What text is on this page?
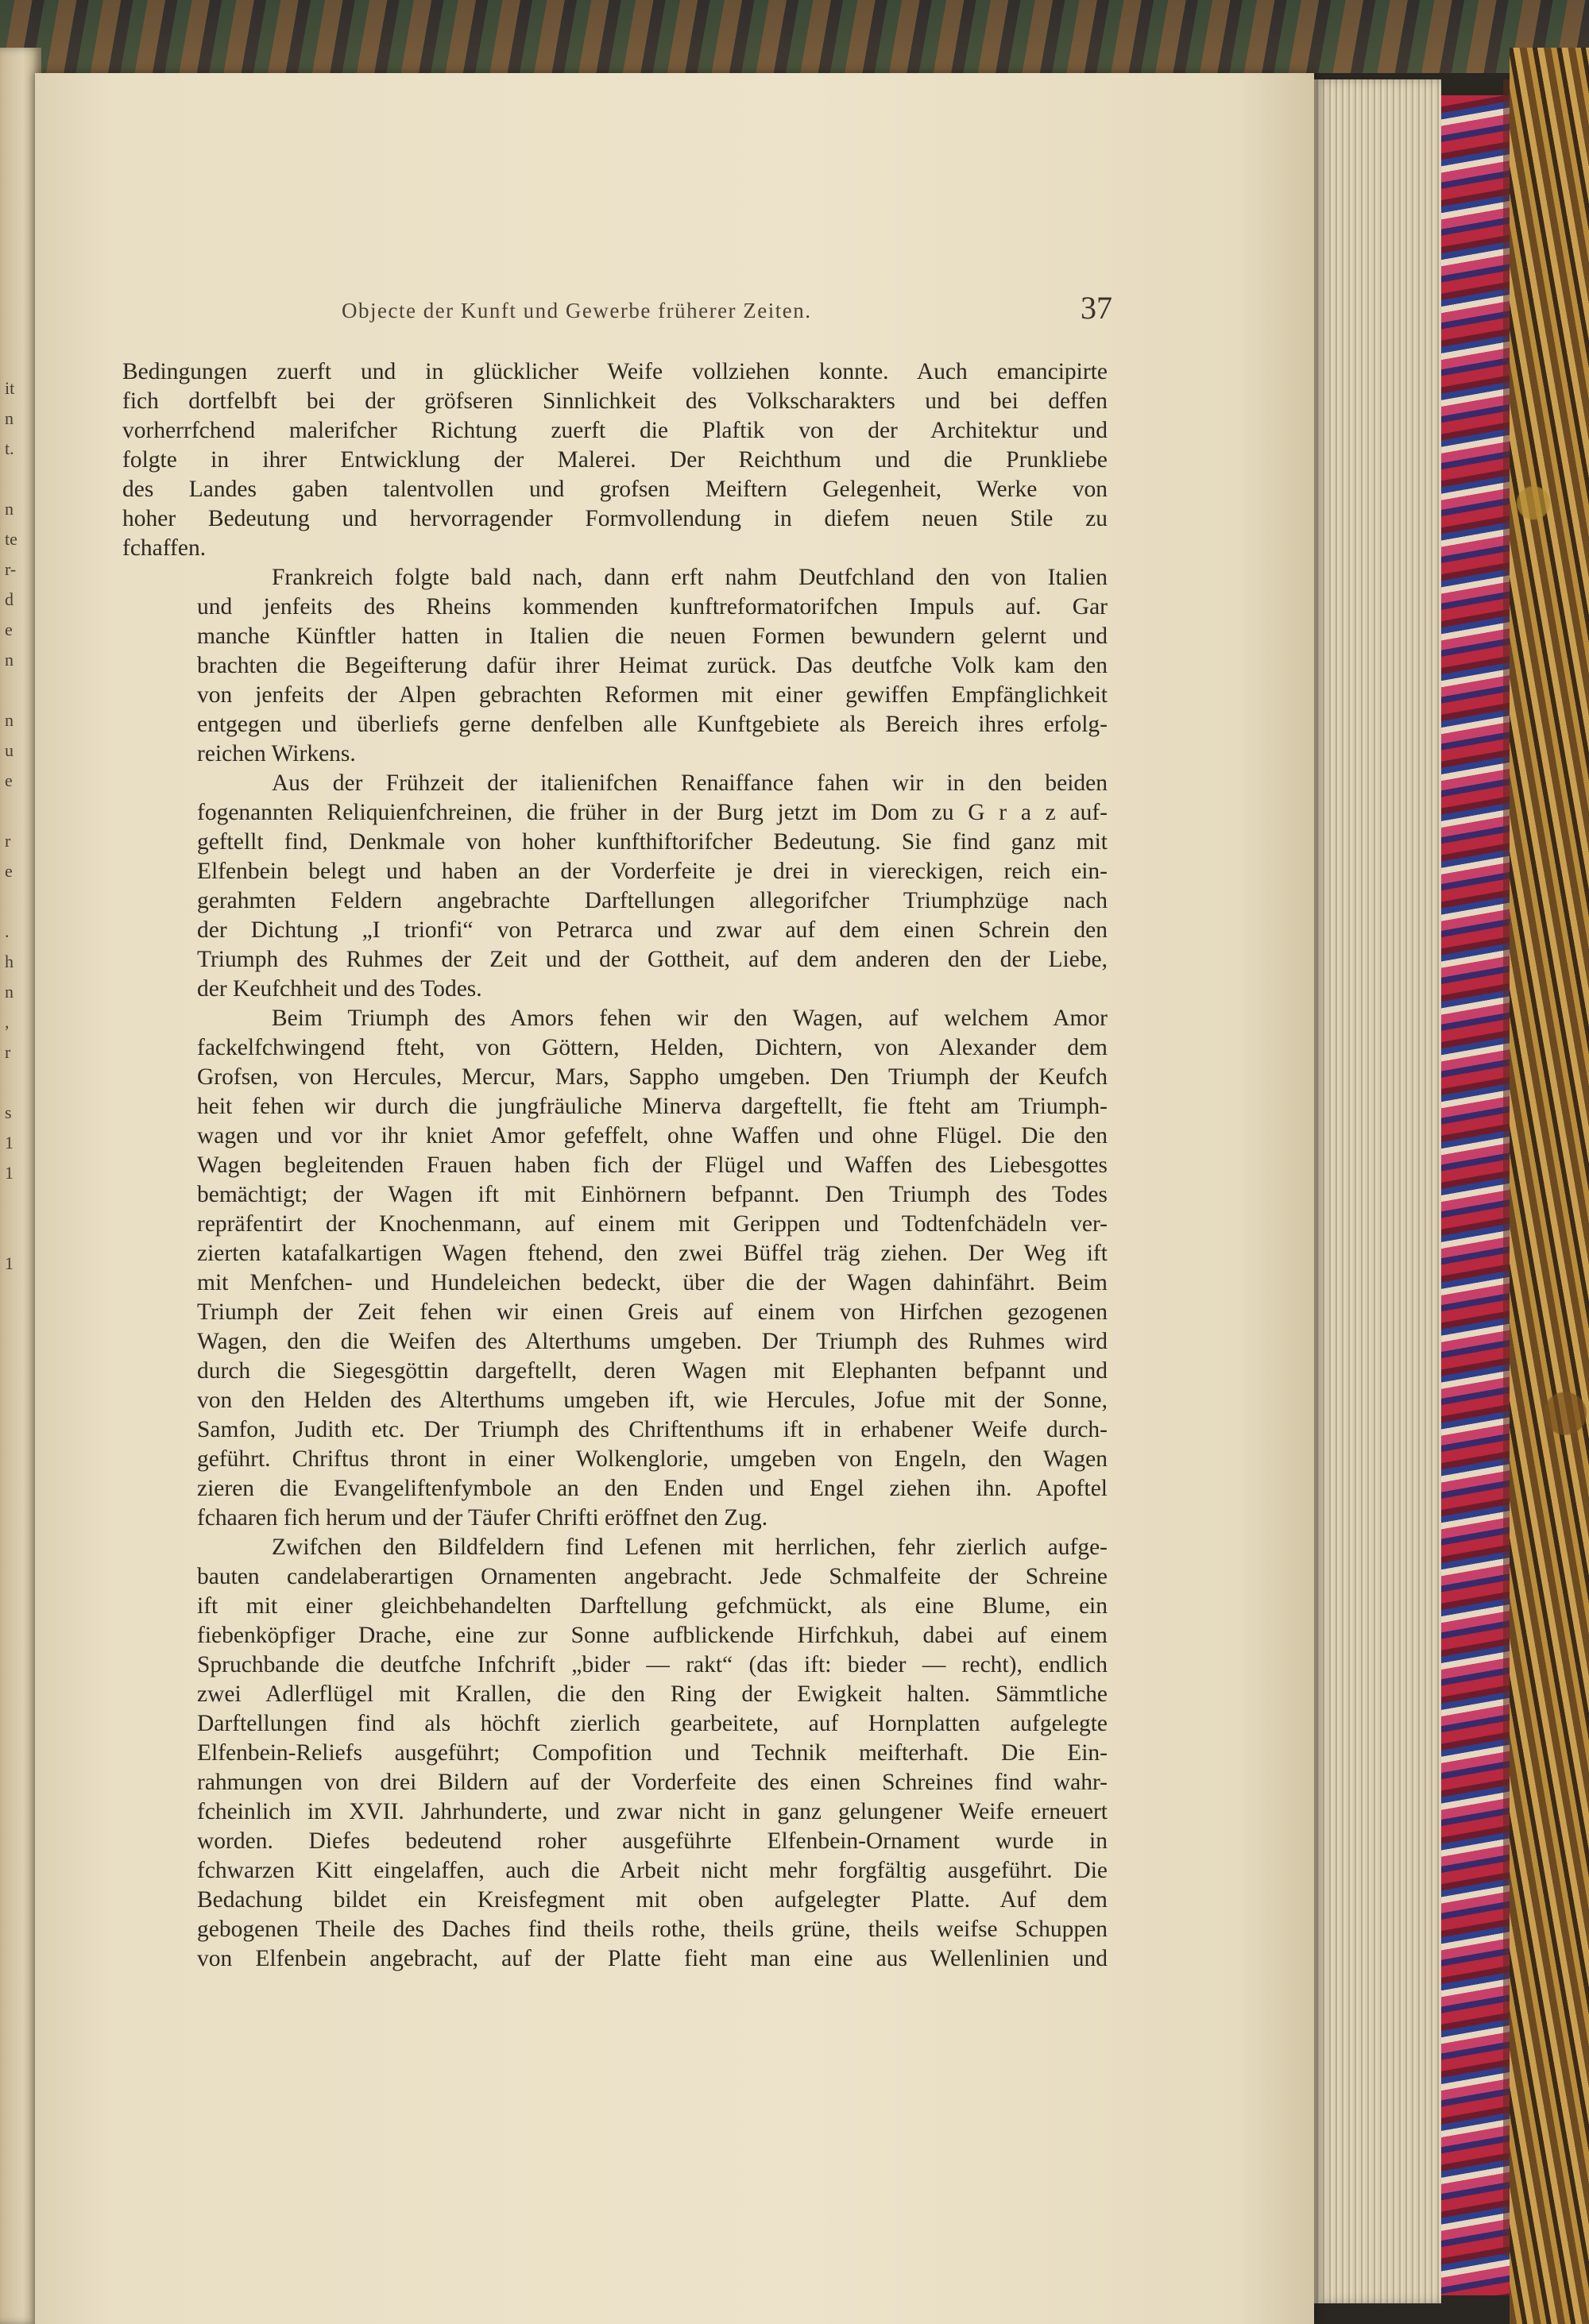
it
n
t.
n
te
r-
d
e
n
n
u
e
r
e
.
h
n
,
r
s
1
1
1
Objecte der Kunft und Gewerbe früherer Zeiten.	37
Bedingungen zuerft und in glücklicher Weife vollziehen konnte. Auch emancipirte
fich dortfelbft bei der gröfseren Sinnlichkeit des Volkscharakters und bei deffen
vorherrfchend malerifcher Richtung zuerft die Plaftik von der Architektur und
folgte in ihrer Entwicklung der Malerei. Der Reichthum und die Prunkliebe
des Landes gaben talentvollen und grofsen Meiftern Gelegenheit, Werke von
hoher Bedeutung und hervorragender Formvollendung in diefem neuen Stile zu
fchaffen.
Frankreich folgte bald nach, dann erft nahm Deutfchland den von Italien
und jenfeits des Rheins kommenden kunftreformatorifchen Impuls auf. Gar
manche Künftler hatten in Italien die neuen Formen bewundern gelernt und
brachten die Begeifterung dafür ihrer Heimat zurück. Das deutfche Volk kam den
von jenfeits der Alpen gebrachten Reformen mit einer gewiffen Empfänglichkeit
entgegen und überliefs gerne denfelben alle Kunftgebiete als Bereich ihres erfolg-
reichen Wirkens.
Aus der Frühzeit der italienifchen Renaiffance fahen wir in den beiden
fogenannten Reliquienfchreinen, die früher in der Burg jetzt im Dom zu G r a z auf-
geftellt find, Denkmale von hoher kunfthiftorifcher Bedeutung. Sie find ganz mit
Elfenbein belegt und haben an der Vorderfeite je drei in viereckigen, reich ein-
gerahmten Feldern angebrachte Darftellungen allegorifcher Triumphzüge nach
der Dichtung „I trionfi“ von Petrarca und zwar auf dem einen Schrein den
Triumph des Ruhmes der Zeit und der Gottheit, auf dem anderen den der Liebe,
der Keufchheit und des Todes.
Beim Triumph des Amors fehen wir den Wagen, auf welchem Amor
fackelfchwingend fteht, von Göttern, Helden, Dichtern, von Alexander dem
Grofsen, von Hercules, Mercur, Mars, Sappho umgeben. Den Triumph der Keufch
heit fehen wir durch die jungfräuliche Minerva dargeftellt, fie fteht am Triumph-
wagen und vor ihr kniet Amor gefeffelt, ohne Waffen und ohne Flügel. Die den
Wagen begleitenden Frauen haben fich der Flügel und Waffen des Liebesgottes
bemächtigt; der Wagen ift mit Einhörnern befpannt. Den Triumph des Todes
repräfentirt der Knochenmann, auf einem mit Gerippen und Todtenfchädeln ver-
zierten katafalkartigen Wagen ftehend, den zwei Büffel träg ziehen. Der Weg ift
mit Menfchen- und Hundeleichen bedeckt, über die der Wagen dahinfährt. Beim
Triumph der Zeit fehen wir einen Greis auf einem von Hirfchen gezogenen
Wagen, den die Weifen des Alterthums umgeben. Der Triumph des Ruhmes wird
durch die Siegesgöttin dargeftellt, deren Wagen mit Elephanten befpannt und
von den Helden des Alterthums umgeben ift, wie Hercules, Jofue mit der Sonne,
Samfon, Judith etc. Der Triumph des Chriftenthums ift in erhabener Weife durch-
geführt. Chriftus thront in einer Wolkenglorie, umgeben von Engeln, den Wagen
zieren die Evangeliftenfymbole an den Enden und Engel ziehen ihn. Apoftel
fchaaren fich herum und der Täufer Chrifti eröffnet den Zug.
Zwifchen den Bildfeldern find Lefenen mit herrlichen, fehr zierlich aufge-
bauten candelaberartigen Ornamenten angebracht. Jede Schmalfeite der Schreine
ift mit einer gleichbehandelten Darftellung gefchmückt, als eine Blume, ein
fiebenköpfiger Drache, eine zur Sonne aufblickende Hirfchkuh, dabei auf einem
Spruchbande die deutfche Infchrift „bider — rakt“ (das ift: bieder — recht), endlich
zwei Adlerflügel mit Krallen, die den Ring der Ewigkeit halten. Sämmtliche
Darftellungen find als höchft zierlich gearbeitete, auf Hornplatten aufgelegte
Elfenbein-Reliefs ausgeführt; Compofition und Technik meifterhaft. Die Ein-
rahmungen von drei Bildern auf der Vorderfeite des einen Schreines find wahr-
fcheinlich im XVII. Jahrhunderte, und zwar nicht in ganz gelungener Weife erneuert
worden. Diefes bedeutend roher ausgeführte Elfenbein-Ornament wurde in
fchwarzen Kitt eingelaffen, auch die Arbeit nicht mehr forgfältig ausgeführt. Die
Bedachung bildet ein Kreisfegment mit oben aufgelegter Platte. Auf dem
gebogenen Theile des Daches find theils rothe, theils grüne, theils weifse Schuppen
von Elfenbein angebracht, auf der Platte fieht man eine aus Wellenlinien und
